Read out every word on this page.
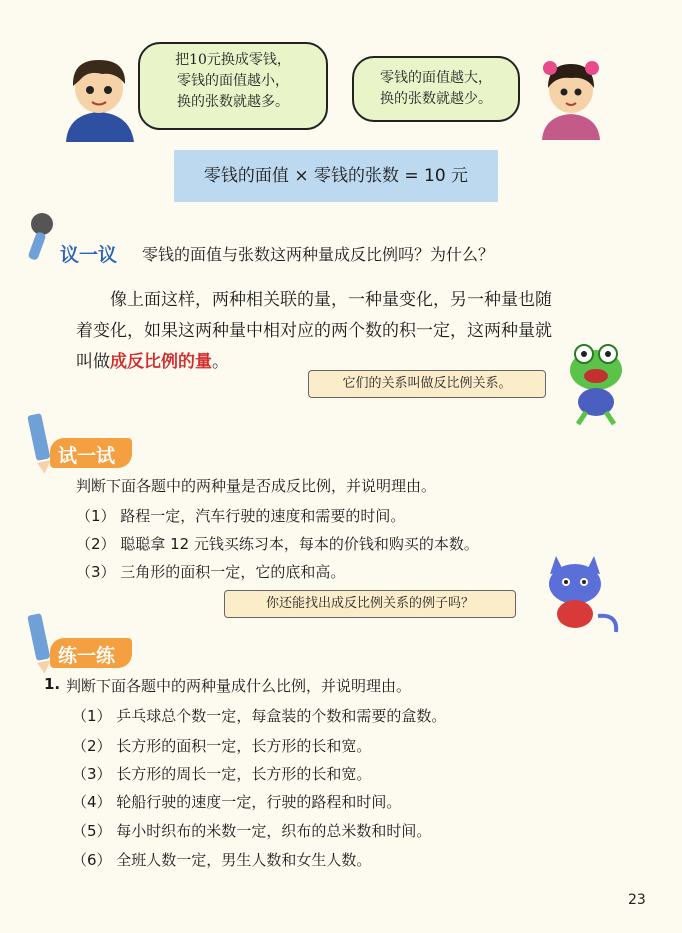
把10元换成零钱，
零钱的面值越小，
换的张数就越多。
零钱的面值越大，
换的张数就越少。
零钱的面值 × 零钱的张数 = 10 元
议一议 零钱的面值与张数这两种量成反比例吗？为什么？
像上面这样，两种相关联的量，一种量变化，另一种量也随
着变化，如果这两种量中相对应的两个数的积一定，这两种量就
叫做成反比例的量。
它们的关系叫做反比例关系。
试一试
判断下面各题中的两种量是否成反比例，并说明理由。
（1） 路程一定，汽车行驶的速度和需要的时间。
（2） 聪聪拿 12 元钱买练习本，每本的价钱和购买的本数。
（3） 三角形的面积一定，它的底和高。
你还能找出成反比例关系的例子吗？
练一练
1. 判断下面各题中的两种量成什么比例，并说明理由。
（1） 乒乓球总个数一定，每盒装的个数和需要的盒数。
（2） 长方形的面积一定，长方形的长和宽。
（3） 长方形的周长一定，长方形的长和宽。
（4） 轮船行驶的速度一定，行驶的路程和时间。
（5） 每小时织布的米数一定，织布的总米数和时间。
（6） 全班人数一定，男生人数和女生人数。
23
